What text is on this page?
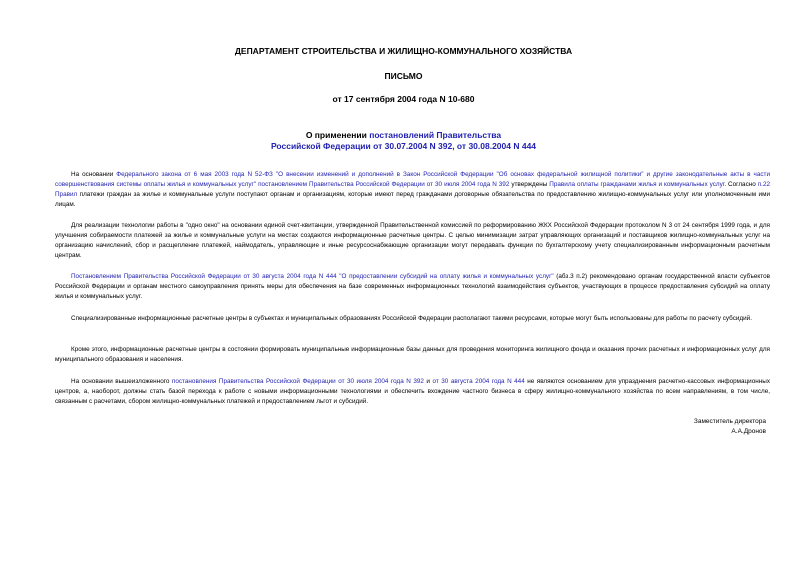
ДЕПАРТАМЕНТ СТРОИТЕЛЬСТВА И ЖИЛИЩНО-КОММУНАЛЬНОГО ХОЗЯЙСТВА
ПИСЬМО
от 17 сентября 2004 года N 10-680
О применении постановлений Правительства
Российской Федерации от 30.07.2004 N 392, от 30.08.2004 N 444
На основании Федерального закона от 6 мая 2003 года N 52-ФЗ "О внесении изменений и дополнений в Закон Российской Федерации "Об основах федеральной жилищной политики" и другие законодательные акты в части совершенствования системы оплаты жилья и коммунальных услуг" постановлением Правительства Российской Федерации от 30 июля 2004 года N 392 утверждены Правила оплаты гражданами жилья и коммунальных услуг. Согласно п.22 Правил платежи граждан за жилье и коммунальные услуги поступают органам и организациям, которые имеют перед гражданами договорные обязательства по предоставлению жилищно-коммунальных услуг или уполномоченным ими лицам.
Для реализации технологии работы в "одно окно" на основании единой счет-квитанции, утвержденной Правительственной комиссией по реформированию ЖКХ Российской Федерации протоколом N 3 от 24 сентября 1999 года, и для улучшения собираемости платежей за жилье и коммунальные услуги на местах создаются информационные расчетные центры. С целью минимизации затрат управляющих организаций и поставщиков жилищно-коммунальных услуг на организацию начислений, сбор и расщепление платежей, наймодатель, управляющие и иные ресурсоснабжающие организации могут передавать функции по бухгалтерскому учету специализированным информационным расчетным центрам.
Постановлением Правительства Российской Федерации от 30 августа 2004 года N 444 "О предоставлении субсидий на оплату жилья и коммунальных услуг" (абз.3 п.2) рекомендовано органам государственной власти субъектов Российской Федерации и органам местного самоуправления принять меры для обеспечения на базе современных информационных технологий взаимодействия субъектов, участвующих в процессе предоставления субсидий на оплату жилья и коммунальных услуг.
Специализированные информационные расчетные центры в субъектах и муниципальных образованиях Российской Федерации располагают такими ресурсами, которые могут быть использованы для работы по расчету субсидий.
Кроме этого, информационные расчетные центры в состоянии формировать муниципальные информационные базы данных для проведения мониторинга жилищного фонда и оказания прочих расчетных и информационных услуг для муниципального образования и населения.
На основании вышеизложенного постановления Правительства Российской Федерации от 30 июля 2004 года N 392 и от 30 августа 2004 года N 444 не являются основанием для упразднения расчетно-кассовых информационных центров, а, наоборот, должны стать базой перехода к работе с новыми информационными технологиями и обеспечить вхождение частного бизнеса в сферу жилищно-коммунального хозяйства по всем направлениям, в том числе, связанным с расчетами, сбором жилищно-коммунальных платежей и предоставлением льгот и субсидий.
Заместитель директора
А.А.Дронов
